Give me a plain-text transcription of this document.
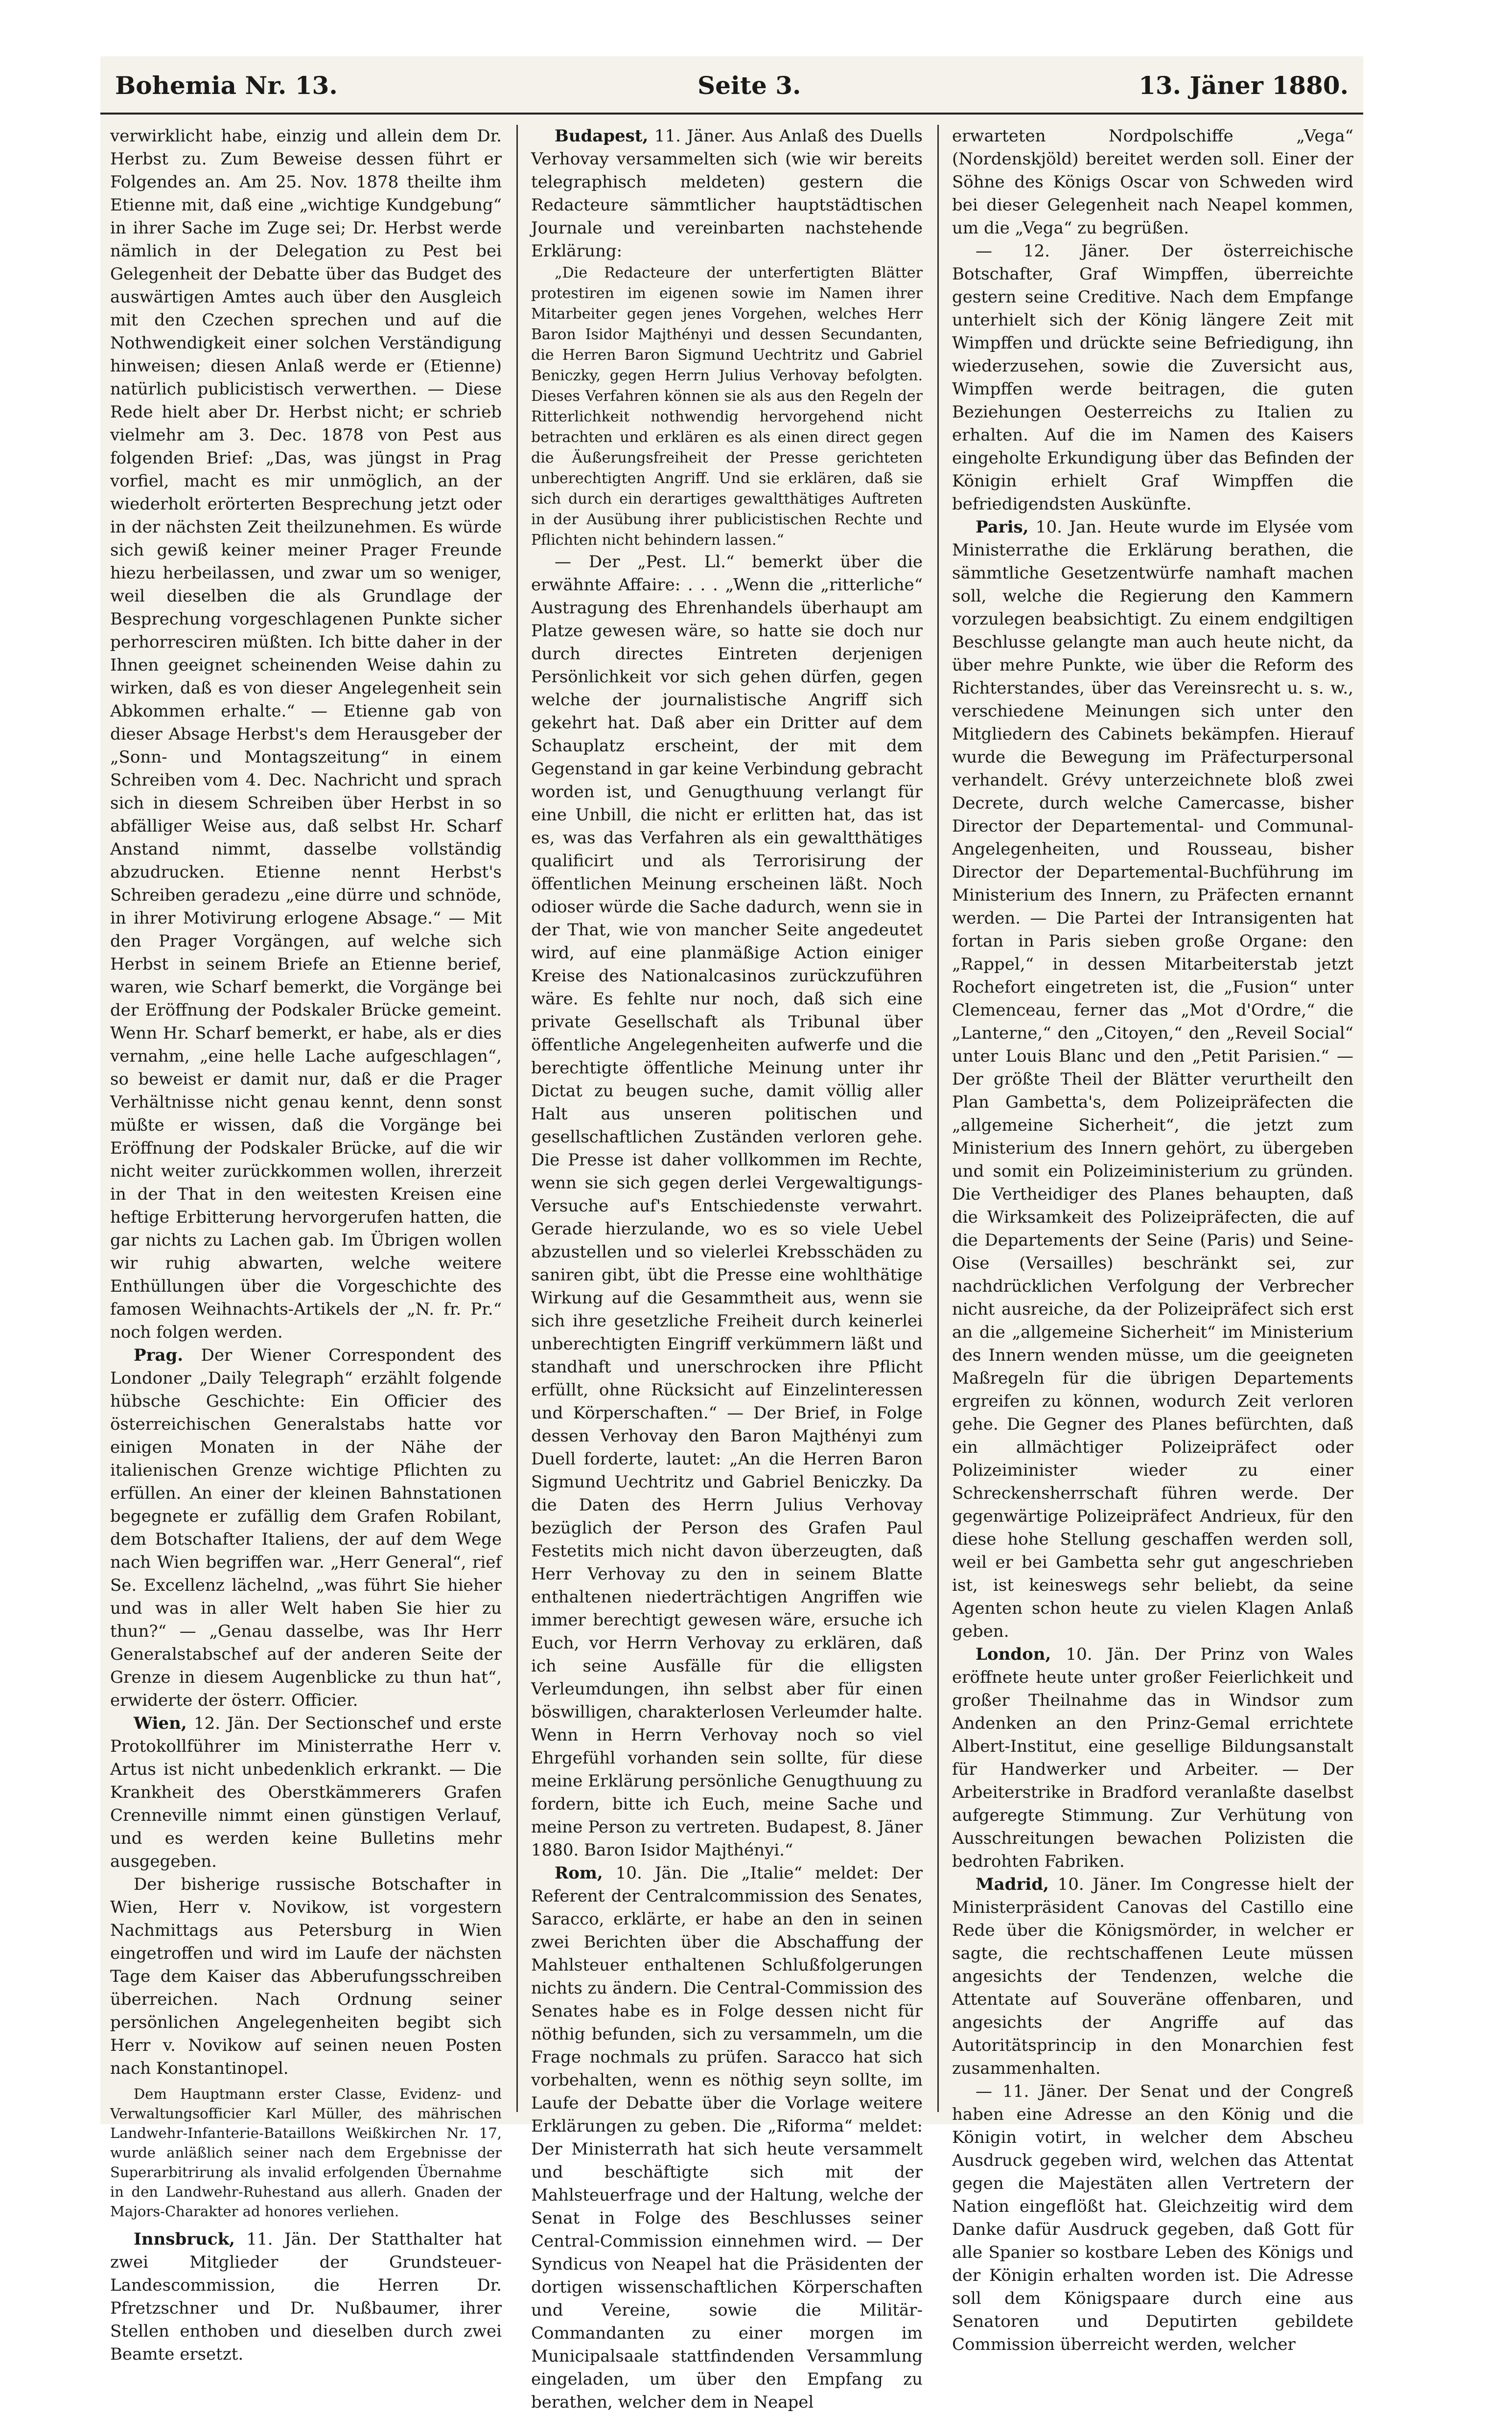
Bohemia Nr. 13.	Seite 3.	13. Jäner 1880.

verwirklicht habe, einzig und allein dem Dr. Herbst zu. Zum Beweise dessen führt er Folgendes an. Am 25. Nov. 1878 theilte ihm Etienne mit, daß eine „wichtige Kundgebung“ in ihrer Sache im Zuge sei; Dr. Herbst werde nämlich in der Delegation zu Pest bei Gelegenheit der Debatte über das Budget des auswärtigen Amtes auch über den Ausgleich mit den Czechen sprechen und auf die Nothwendigkeit einer solchen Verständigung hinweisen; diesen Anlaß werde er (Etienne) natürlich publicistisch verwerthen. — Diese Rede hielt aber Dr. Herbst nicht; er schrieb vielmehr am 3. Dec. 1878 von Pest aus folgenden Brief: „Das, was jüngst in Prag vorfiel, macht es mir unmöglich, an der wiederholt erörterten Besprechung jetzt oder in der nächsten Zeit theilzunehmen. Es würde sich gewiß keiner meiner Prager Freunde hiezu herbeilassen, und zwar um so weniger, weil dieselben die als Grundlage der Besprechung vorgeschlagenen Punkte sicher perhorresciren müßten. Ich bitte daher in der Ihnen geeignet scheinenden Weise dahin zu wirken, daß es von dieser Angelegenheit sein Abkommen erhalte.“ — Etienne gab von dieser Absage Herbst's dem Herausgeber der „Sonn- und Montagszeitung“ in einem Schreiben vom 4. Dec. Nachricht und sprach sich in diesem Schreiben über Herbst in so abfälliger Weise aus, daß selbst Hr. Scharf Anstand nimmt, dasselbe vollständig abzudrucken. Etienne nennt Herbst's Schreiben geradezu „eine dürre und schnöde, in ihrer Motivirung erlogene Absage.“ — Mit den Prager Vorgängen, auf welche sich Herbst in seinem Briefe an Etienne berief, waren, wie Scharf bemerkt, die Vorgänge bei der Eröffnung der Podskaler Brücke gemeint. Wenn Hr. Scharf bemerkt, er habe, als er dies vernahm, „eine helle Lache aufgeschlagen“, so beweist er damit nur, daß er die Prager Verhältnisse nicht genau kennt, denn sonst müßte er wissen, daß die Vorgänge bei Eröffnung der Podskaler Brücke, auf die wir nicht weiter zurückkommen wollen, ihrerzeit in der That in den weitesten Kreisen eine heftige Erbitterung hervorgerufen hatten, die gar nichts zu Lachen gab. Im Übrigen wollen wir ruhig abwarten, welche weitere Enthüllungen über die Vorgeschichte des famosen Weihnachts-Artikels der „N. fr. Pr.“ noch folgen werden.

Prag. Der Wiener Correspondent des Londoner „Daily Telegraph“ erzählt folgende hübsche Geschichte: Ein Officier des österreichischen Generalstabs hatte vor einigen Monaten in der Nähe der italienischen Grenze wichtige Pflichten zu erfüllen. An einer der kleinen Bahnstationen begegnete er zufällig dem Grafen Robilant, dem Botschafter Italiens, der auf dem Wege nach Wien begriffen war. „Herr General“, rief Se. Excellenz lächelnd, „was führt Sie hieher und was in aller Welt haben Sie hier zu thun?“ — „Genau dasselbe, was Ihr Herr Generalstabschef auf der anderen Seite der Grenze in diesem Augenblicke zu thun hat“, erwiderte der österr. Officier.

Wien, 12. Jän. Der Sectionschef und erste Protokollführer im Ministerrathe Herr v. Artus ist nicht unbedenklich erkrankt. — Die Krankheit des Oberstkämmerers Grafen Crenneville nimmt einen günstigen Verlauf, und es werden keine Bulletins mehr ausgegeben.

Der bisherige russische Botschafter in Wien, Herr v. Novikow, ist vorgestern Nachmittags aus Petersburg in Wien eingetroffen und wird im Laufe der nächsten Tage dem Kaiser das Abberufungsschreiben überreichen. Nach Ordnung seiner persönlichen Angelegenheiten begibt sich Herr v. Novikow auf seinen neuen Posten nach Konstantinopel.

Dem Hauptmann erster Classe, Evidenz- und Verwaltungsofficier Karl Müller, des mährischen Landwehr-Infanterie-Bataillons Weißkirchen Nr. 17, wurde anläßlich seiner nach dem Ergebnisse der Superarbitrirung als invalid erfolgenden Übernahme in den Landwehr-Ruhestand aus allerh. Gnaden der Majors-Charakter ad honores verliehen.

Innsbruck, 11. Jän. Der Statthalter hat zwei Mitglieder der Grundsteuer-Landescommission, die Herren Dr. Pfretzschner und Dr. Nußbaumer, ihrer Stellen enthoben und dieselben durch zwei Beamte ersetzt.

Budapest, 11. Jäner. Aus Anlaß des Duells Verhovay versammelten sich (wie wir bereits telegraphisch meldeten) gestern die Redacteure sämmtlicher hauptstädtischen Journale und vereinbarten nachstehende Erklärung:

„Die Redacteure der unterfertigten Blätter protestiren im eigenen sowie im Namen ihrer Mitarbeiter gegen jenes Vorgehen, welches Herr Baron Isidor Majthényi und dessen Secundanten, die Herren Baron Sigmund Uechtritz und Gabriel Beniczky, gegen Herrn Julius Verhovay befolgten. Dieses Verfahren können sie als aus den Regeln der Ritterlichkeit nothwendig hervorgehend nicht betrachten und erklären es als einen direct gegen die Äußerungsfreiheit der Presse gerichteten unberechtigten Angriff. Und sie erklären, daß sie sich durch ein derartiges gewaltthätiges Auftreten in der Ausübung ihrer publicistischen Rechte und Pflichten nicht behindern lassen.“

— Der „Pest. Ll.“ bemerkt über die erwähnte Affaire: . . . „Wenn die „ritterliche“ Austragung des Ehrenhandels überhaupt am Platze gewesen wäre, so hatte sie doch nur durch directes Eintreten derjenigen Persönlichkeit vor sich gehen dürfen, gegen welche der journalistische Angriff sich gekehrt hat. Daß aber ein Dritter auf dem Schauplatz erscheint, der mit dem Gegenstand in gar keine Verbindung gebracht worden ist, und Genugthuung verlangt für eine Unbill, die nicht er erlitten hat, das ist es, was das Verfahren als ein gewaltthätiges qualificirt und als Terrorisirung der öffentlichen Meinung erscheinen läßt. Noch odioser würde die Sache dadurch, wenn sie in der That, wie von mancher Seite angedeutet wird, auf eine planmäßige Action einiger Kreise des Nationalcasinos zurückzuführen wäre. Es fehlte nur noch, daß sich eine private Gesellschaft als Tribunal über öffentliche Angelegenheiten aufwerfe und die berechtigte öffentliche Meinung unter ihr Dictat zu beugen suche, damit völlig aller Halt aus unseren politischen und gesellschaftlichen Zuständen verloren gehe. Die Presse ist daher vollkommen im Rechte, wenn sie sich gegen derlei Vergewaltigungs-Versuche auf's Entschiedenste verwahrt. Gerade hierzulande, wo es so viele Uebel abzustellen und so vielerlei Krebsschäden zu saniren gibt, übt die Presse eine wohlthätige Wirkung auf die Gesammtheit aus, wenn sie sich ihre gesetzliche Freiheit durch keinerlei unberechtigten Eingriff verkümmern läßt und standhaft und unerschrocken ihre Pflicht erfüllt, ohne Rücksicht auf Einzelinteressen und Körperschaften.“ — Der Brief, in Folge dessen Verhovay den Baron Majthényi zum Duell forderte, lautet: „An die Herren Baron Sigmund Uechtritz und Gabriel Beniczky. Da die Daten des Herrn Julius Verhovay bezüglich der Person des Grafen Paul Festetits mich nicht davon überzeugten, daß Herr Verhovay zu den in seinem Blatte enthaltenen niederträchtigen Angriffen wie immer berechtigt gewesen wäre, ersuche ich Euch, vor Herrn Verhovay zu erklären, daß ich seine Ausfälle für die elligsten Verleumdungen, ihn selbst aber für einen böswilligen, charakterlosen Verleumder halte. Wenn in Herrn Verhovay noch so viel Ehrgefühl vorhanden sein sollte, für diese meine Erklärung persönliche Genugthuung zu fordern, bitte ich Euch, meine Sache und meine Person zu vertreten. Budapest, 8. Jäner 1880. Baron Isidor Majthényi.“

Rom, 10. Jän. Die „Italie“ meldet: Der Referent der Centralcommission des Senates, Saracco, erklärte, er habe an den in seinen zwei Berichten über die Abschaffung der Mahlsteuer enthaltenen Schlußfolgerungen nichts zu ändern. Die Central-Commission des Senates habe es in Folge dessen nicht für nöthig befunden, sich zu versammeln, um die Frage nochmals zu prüfen. Saracco hat sich vorbehalten, wenn es nöthig seyn sollte, im Laufe der Debatte über die Vorlage weitere Erklärungen zu geben. Die „Riforma“ meldet: Der Ministerrath hat sich heute versammelt und beschäftigte sich mit der Mahlsteuerfrage und der Haltung, welche der Senat in Folge des Beschlusses seiner Central-Commission einnehmen wird. — Der Syndicus von Neapel hat die Präsidenten der dortigen wissenschaftlichen Körperschaften und Vereine, sowie die Militär-Commandanten zu einer morgen im Municipalsaale stattfindenden Versammlung eingeladen, um über den Empfang zu berathen, welcher dem in Neapel

erwarteten Nordpolschiffe „Vega“ (Nordenskjöld) bereitet werden soll. Einer der Söhne des Königs Oscar von Schweden wird bei dieser Gelegenheit nach Neapel kommen, um die „Vega“ zu begrüßen.

— 12. Jäner. Der österreichische Botschafter, Graf Wimpffen, überreichte gestern seine Creditive. Nach dem Empfange unterhielt sich der König längere Zeit mit Wimpffen und drückte seine Befriedigung, ihn wiederzusehen, sowie die Zuversicht aus, Wimpffen werde beitragen, die guten Beziehungen Oesterreichs zu Italien zu erhalten. Auf die im Namen des Kaisers eingeholte Erkundigung über das Befinden der Königin erhielt Graf Wimpffen die befriedigendsten Auskünfte.

Paris, 10. Jan. Heute wurde im Elysée vom Ministerrathe die Erklärung berathen, die sämmtliche Gesetzentwürfe namhaft machen soll, welche die Regierung den Kammern vorzulegen beabsichtigt. Zu einem endgiltigen Beschlusse gelangte man auch heute nicht, da über mehre Punkte, wie über die Reform des Richterstandes, über das Vereinsrecht u. s. w., verschiedene Meinungen sich unter den Mitgliedern des Cabinets bekämpfen. Hierauf wurde die Bewegung im Präfecturpersonal verhandelt. Grévy unterzeichnete bloß zwei Decrete, durch welche Camercasse, bisher Director der Departemental- und Communal-Angelegenheiten, und Rousseau, bisher Director der Departemental-Buchführung im Ministerium des Innern, zu Präfecten ernannt werden. — Die Partei der Intransigenten hat fortan in Paris sieben große Organe: den „Rappel,“ in dessen Mitarbeiterstab jetzt Rochefort eingetreten ist, die „Fusion“ unter Clemenceau, ferner das „Mot d'Ordre,“ die „Lanterne,“ den „Citoyen,“ den „Reveil Social“ unter Louis Blanc und den „Petit Parisien.“ — Der größte Theil der Blätter verurtheilt den Plan Gambetta's, dem Polizeipräfecten die „allgemeine Sicherheit“, die jetzt zum Ministerium des Innern gehört, zu übergeben und somit ein Polizeiministerium zu gründen. Die Vertheidiger des Planes behaupten, daß die Wirksamkeit des Polizeipräfecten, die auf die Departements der Seine (Paris) und Seine-Oise (Versailles) beschränkt sei, zur nachdrücklichen Verfolgung der Verbrecher nicht ausreiche, da der Polizeipräfect sich erst an die „allgemeine Sicherheit“ im Ministerium des Innern wenden müsse, um die geeigneten Maßregeln für die übrigen Departements ergreifen zu können, wodurch Zeit verloren gehe. Die Gegner des Planes befürchten, daß ein allmächtiger Polizeipräfect oder Polizeiminister wieder zu einer Schreckensherrschaft führen werde. Der gegenwärtige Polizeipräfect Andrieux, für den diese hohe Stellung geschaffen werden soll, weil er bei Gambetta sehr gut angeschrieben ist, ist keineswegs sehr beliebt, da seine Agenten schon heute zu vielen Klagen Anlaß geben.

London, 10. Jän. Der Prinz von Wales eröffnete heute unter großer Feierlichkeit und großer Theilnahme das in Windsor zum Andenken an den Prinz-Gemal errichtete Albert-Institut, eine gesellige Bildungsanstalt für Handwerker und Arbeiter. — Der Arbeiterstrike in Bradford veranlaßte daselbst aufgeregte Stimmung. Zur Verhütung von Ausschreitungen bewachen Polizisten die bedrohten Fabriken.

Madrid, 10. Jäner. Im Congresse hielt der Ministerpräsident Canovas del Castillo eine Rede über die Königsmörder, in welcher er sagte, die rechtschaffenen Leute müssen angesichts der Tendenzen, welche die Attentate auf Souveräne offenbaren, und angesichts der Angriffe auf das Autoritätsprincip in den Monarchien fest zusammenhalten.

— 11. Jäner. Der Senat und der Congreß haben eine Adresse an den König und die Königin votirt, in welcher dem Abscheu Ausdruck gegeben wird, welchen das Attentat gegen die Majestäten allen Vertretern der Nation eingeflößt hat. Gleichzeitig wird dem Danke dafür Ausdruck gegeben, daß Gott für alle Spanier so kostbare Leben des Königs und der Königin erhalten worden ist. Die Adresse soll dem Königspaare durch eine aus Senatoren und Deputirten gebildete Commission überreicht werden, welcher
